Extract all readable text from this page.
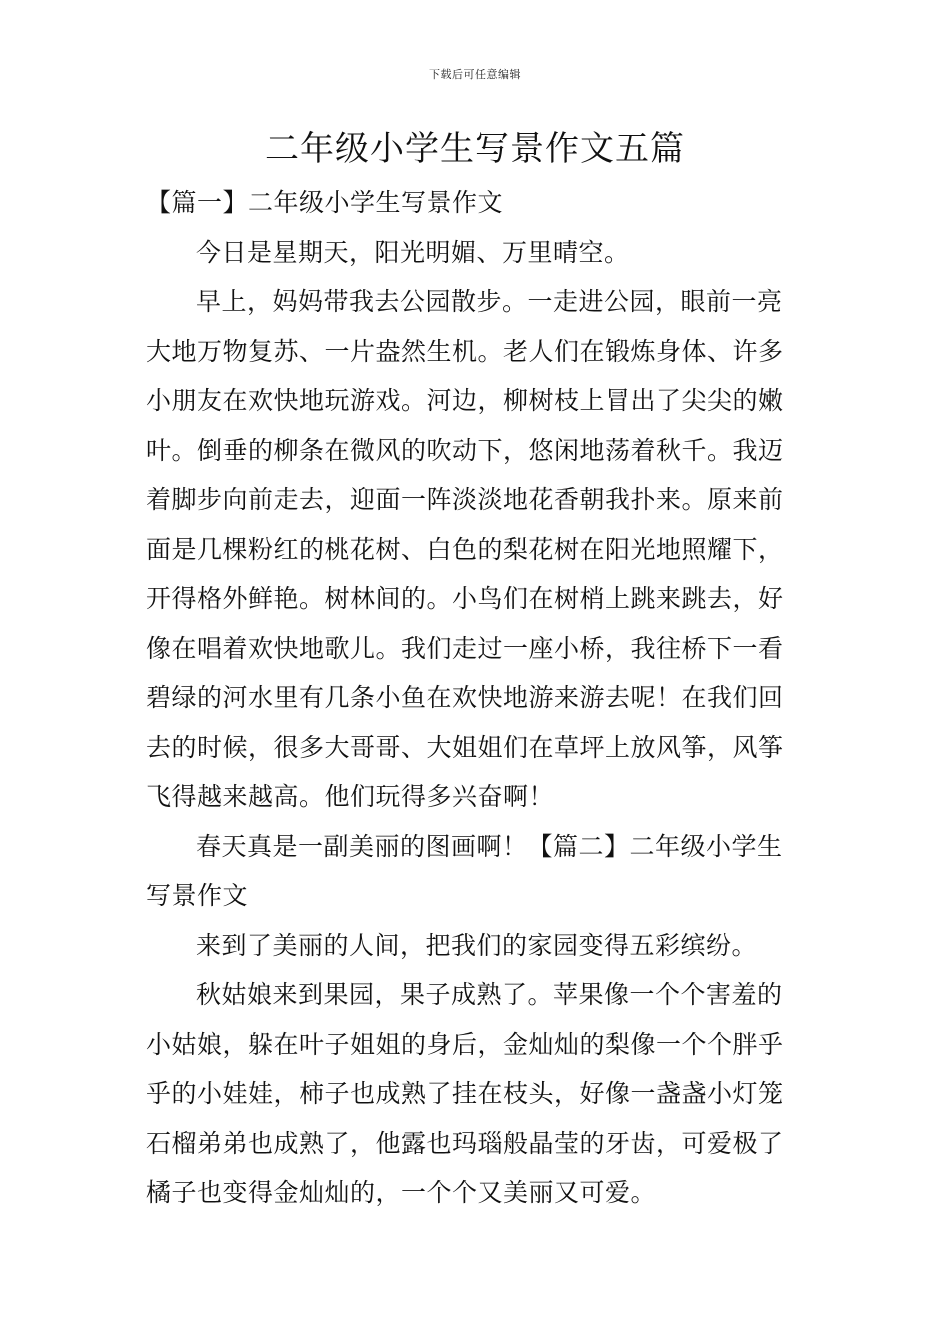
下载后可任意编辑
二年级小学生写景作文五篇
【篇一】二年级小学生写景作文
今日是星期天，阳光明媚、万里晴空。
早上，妈妈带我去公园散步。一走进公园，眼前一亮
大地万物复苏、一片盎然生机。老人们在锻炼身体、许多
小朋友在欢快地玩游戏。河边，柳树枝上冒出了尖尖的嫩
叶。倒垂的柳条在微风的吹动下，悠闲地荡着秋千。我迈
着脚步向前走去，迎面一阵淡淡地花香朝我扑来。原来前
面是几棵粉红的桃花树、白色的梨花树在阳光地照耀下，
开得格外鲜艳。树林间的。小鸟们在树梢上跳来跳去，好
像在唱着欢快地歌儿。我们走过一座小桥，我往桥下一看
碧绿的河水里有几条小鱼在欢快地游来游去呢！在我们回
去的时候，很多大哥哥、大姐姐们在草坪上放风筝，风筝
飞得越来越高。他们玩得多兴奋啊！
春天真是一副美丽的图画啊！【篇二】二年级小学生
写景作文
来到了美丽的人间，把我们的家园变得五彩缤纷。
秋姑娘来到果园，果子成熟了。苹果像一个个害羞的
小姑娘，躲在叶子姐姐的身后，金灿灿的梨像一个个胖乎
乎的小娃娃，柿子也成熟了挂在枝头，好像一盏盏小灯笼
石榴弟弟也成熟了，他露也玛瑙般晶莹的牙齿，可爱极了
橘子也变得金灿灿的，一个个又美丽又可爱。
